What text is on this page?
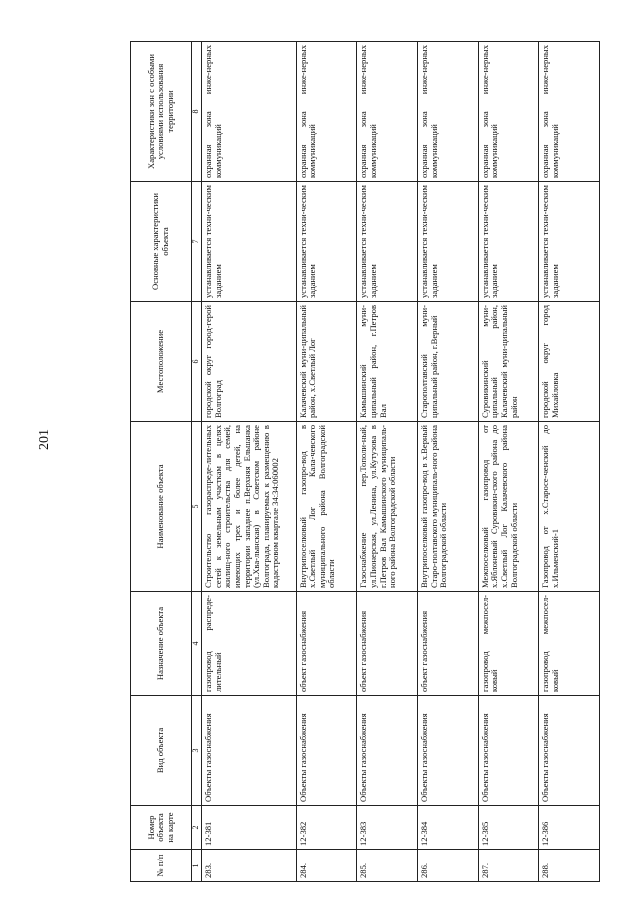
201
№ п/п	Номер объекта на карте	Вид объекта	Назначение объекта	Наименование объекта	Местоположение	Основные характеристики объекта	Характеристики зон с особыми условиями использования территории
1	2	3	4	5	6	7	8
283.	12-381	Объекты газоснабжения	газопровод распреде-лительный	Строительство газораспреде-лительных сетей к земельным участкам в целях жилищ-ного строительства для семей, имеющих трех и более детей, на территории западнее п.Верхняя Ельшанка (ул.Хва-лынская) в Советском районе Волгограда, планируемых к размещению в кадастровом квартале 34:34:060002	городской округ город-герой Волгоград	устанавливается техни-ческим заданием	охранная зона инже-нерных коммуникаций
284.	12-382	Объекты газоснабжения	объект газоснабжения	Внутрипоселковый газопро-вод в х.Светлый Лог Кала-чевского муниципального района Волгоградской области	Калачевский муни-ципальный район, х.Светлый Лог	устанавливается техни-ческим заданием	охранная зона инже-нерных коммуникаций
285.	12-383	Объекты газоснабжения	объект газоснабжения	Газоснабжение пер.Тополи-ный, ул.Пионерская, ул.Ленина, ул.Кутузова в г.Петров Вал Камышинского муниципаль-ного района Волгоградской области	Камышинский муни-ципальный район, г.Петров Вал	устанавливается техни-ческим заданием	охранная зона инже-нерных коммуникаций
286.	12-384	Объекты газоснабжения	объект газоснабжения	Внутрипоселковый газопро-вод в х.Верный Старо-полтавского муниципаль-ного района Волгоградской области	Старополтавский муни-ципальный район, г.Верный	устанавливается техни-ческим заданием	охранная зона инже-нерных коммуникаций
287.	12-385	Объекты газоснабжения	газопровод межпосел-ковый	Межпоселковый газопровод от х.Яблоневый Суровикин-ского района до х.Светлый Лог Калачевского района Волгоградской области	Суровикинский муни-ципальный район, Калачевский муни-ципальный район	устанавливается техни-ческим заданием	охранная зона инже-нерных коммуникаций
288.	12-386	Объекты газоснабжения	газопровод межпосел-ковый	Газопровод от х.Старосе-ченский до х.Ильменский-1	городской округ город Михайловка	устанавливается техни-ческим заданием	охранная зона инже-нерных коммуникаций
